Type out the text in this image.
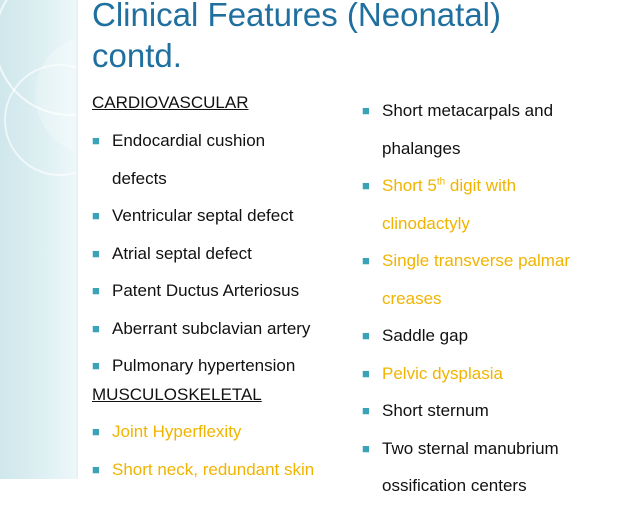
Clinical Features (Neonatal)
contd.
CARDIOVASCULAR
■ Endocardial cushion
defects
■ Ventricular septal defect
■ Atrial septal defect
■ Patent Ductus Arteriosus
■ Aberrant subclavian artery
■ Pulmonary hypertension
MUSCULOSKELETAL
■ Joint Hyperflexity
■ Short neck, redundant skin
■ Short metacarpals and
phalanges
■ Short 5th digit with
clinodactyly
■ Single transverse palmar
creases
■ Saddle gap
■ Pelvic dysplasia
■ Short sternum
■ Two sternal manubrium
ossification centers
